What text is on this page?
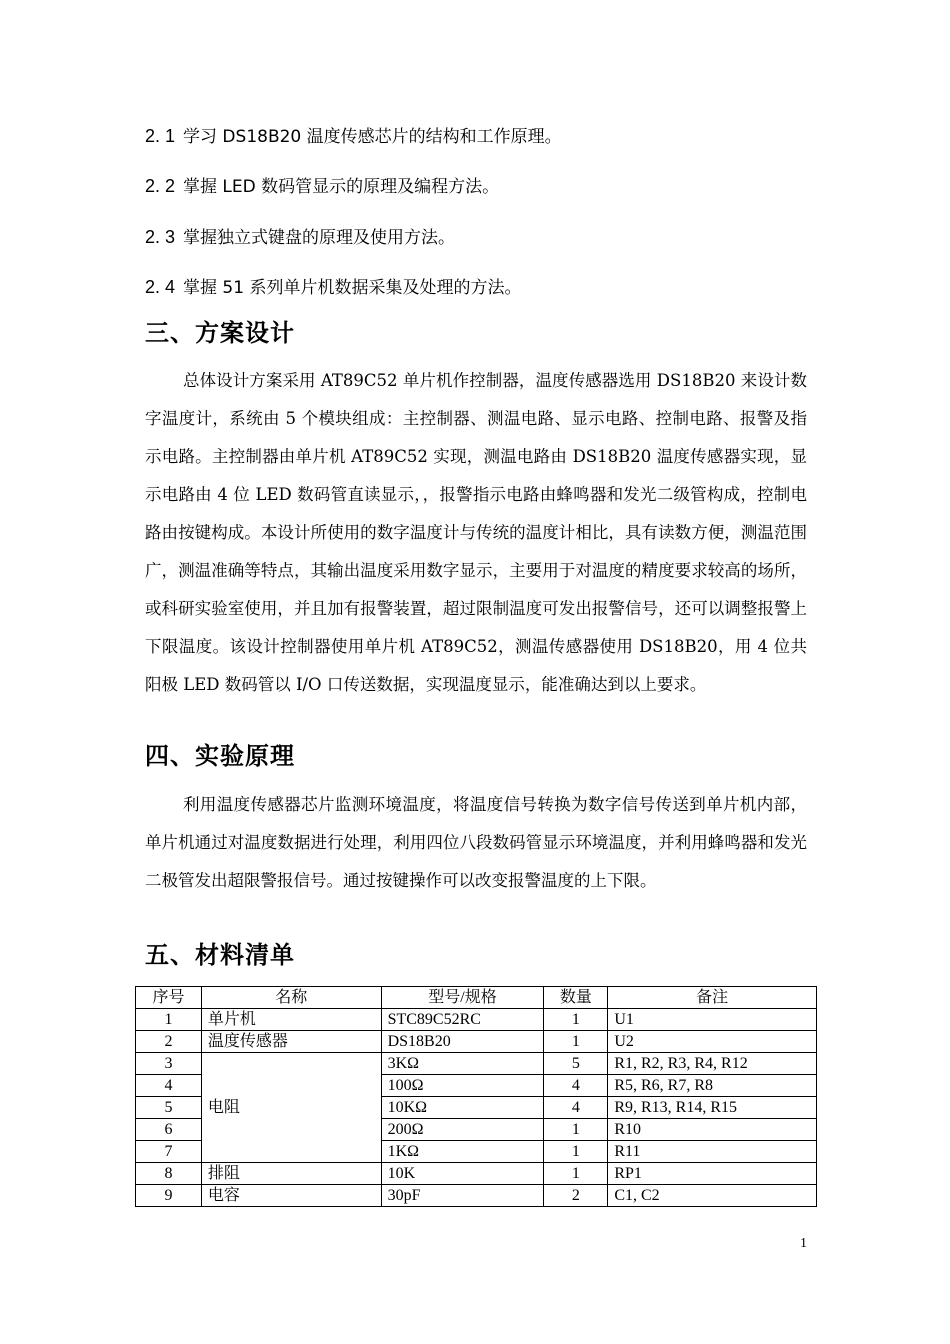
2. 1 学习 DS18B20 温度传感芯片的结构和工作原理。
2. 2 掌握 LED 数码管显示的原理及编程方法。
2. 3 掌握独立式键盘的原理及使用方法。
2. 4 掌握 51 系列单片机数据采集及处理的方法。
三、方案设计
总体设计方案采用 AT89C52 单片机作控制器，温度传感器选用 DS18B20 来设计数字温度计，系统由 5 个模块组成：主控制器、测温电路、显示电路、控制电路、报警及指示电路。主控制器由单片机 AT89C52 实现，测温电路由 DS18B20 温度传感器实现，显示电路由 4 位 LED 数码管直读显示，，报警指示电路由蜂鸣器和发光二级管构成，控制电路由按键构成。本设计所使用的数字温度计与传统的温度计相比，具有读数方便，测温范围广，测温准确等特点，其输出温度采用数字显示，主要用于对温度的精度要求较高的场所，或科研实验室使用，并且加有报警装置，超过限制温度可发出报警信号，还可以调整报警上下限温度。该设计控制器使用单片机 AT89C52，测温传感器使用 DS18B20，用 4 位共阳极 LED 数码管以 I/O 口传送数据，实现温度显示，能准确达到以上要求。
四、实验原理
利用温度传感器芯片监测环境温度，将温度信号转换为数字信号传送到单片机内部，单片机通过对温度数据进行处理，利用四位八段数码管显示环境温度，并利用蜂鸣器和发光二极管发出超限警报信号。通过按键操作可以改变报警温度的上下限。
五、材料清单
序号	名称	型号/规格	数量	备注
1	单片机	STC89C52RC	1	U1
2	温度传感器	DS18B20	1	U2
3	电阻	3KΩ	5	R1, R2, R3, R4, R12
4		100Ω	4	R5, R6, R7, R8
5		10KΩ	4	R9, R13, R14, R15
6		200Ω	1	R10
7		1KΩ	1	R11
8	排阻	10K	1	RP1
9	电容	30pF	2	C1, C2
1
